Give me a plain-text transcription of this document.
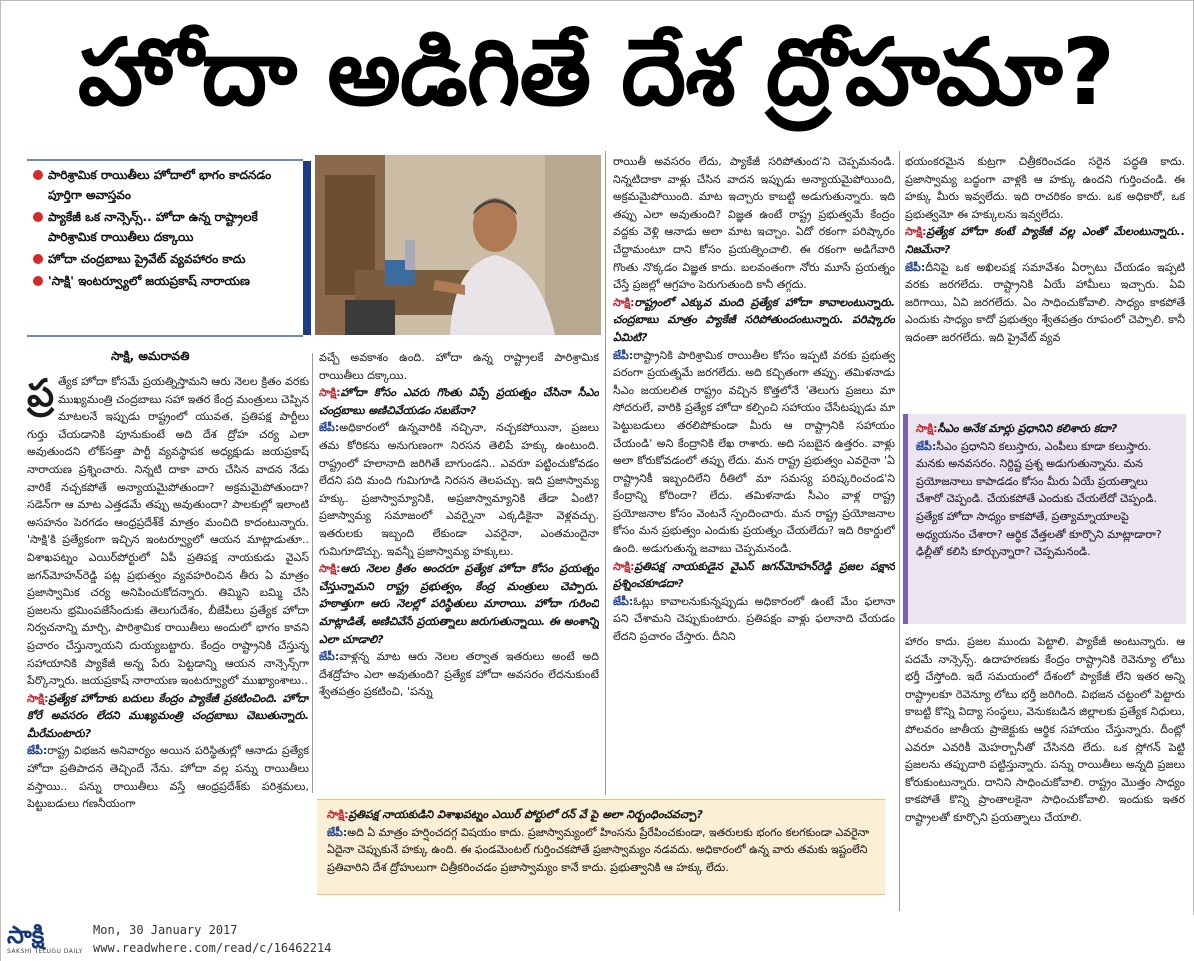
హోదా అడిగితే దేశ ద్రోహమా?
పారిశ్రామిక రాయితీలు హోదాలో భాగం కాదనడం పూర్తిగా అవాస్తవం
ప్యాకేజీ ఒక నాన్సెన్స్‌.. హోదా ఉన్న రాష్ట్రాలకే పారిశ్రామిక రాయితీలు దక్కాయి
హోదా చంద్రబాబు ప్రైవేట్‌ వ్యవహారం కాదు
'సాక్షి' ఇంటర్వ్యూలో జయప్రకాష్‌ నారాయణ
సాక్షి, అమరావతి

ప్ర త్యేక హోదా కోసమే ప్రయత్నిస్తామని ఆరు నెలల క్రితం వరకు ముఖ్యమంత్రి చంద్రబాబు సహా ఇతర కేంద్ర మంత్రులు చెప్పిన మాటలనే ఇప్పుడు రాష్ట్రంలో యువత, ప్రతిపక్ష పార్టీలు గుర్తు చేయడానికి పూనుకుంటే అది దేశ ద్రోహ చర్య ఎలా అవుతుందని లోక్‌సత్తా పార్టీ వ్యవస్థాపక అధ్యక్షుడు జయప్రకాష్‌ నారాయణ ప్రశ్నించారు. నిన్నటి దాకా వారు చేసిన వాదన నేడు వారికే నచ్చకపోతే అన్యాయమైపోతుందా? అక్రమమైపోతుందా? సడెన్‌గా ఆ మాట ఎత్తడమే తప్పు అవుతుందా? పాలకుల్లో ఇలాంటి అసహనం పెరగడం ఆంధ్రప్రదేశ్‌కే మాత్రం మంచిది కాదంటున్నారు. 'సాక్షి'కి ప్రత్యేకంగా ఇచ్చిన ఇంటర్వ్యూలో ఆయన మాట్లాడుతూ.. విశాఖపట్నం ఎయిర్‌పోర్టులో ఏపీ ప్రతిపక్ష నాయకుడు వైఎస్‌ జగన్‌మోహన్‌రెడ్డి పట్ల ప్రభుత్వం వ్యవహరించిన తీరు ఏ మాత్రం ప్రజాస్వామిక చర్య అనిపించుకోదన్నారు. తిమ్మిని బమ్మి చేసి ప్రజలను భ్రమింపజేసేందుకు తెలుగుదేశం, బీజేపీలు ప్రత్యేక హోదా నిర్వచనాన్ని మార్చి, పారిశ్రామిక రాయితీలు అందులో భాగం కావని ప్రచారం చేస్తున్నాయని దుయ్యబట్టారు. కేంద్రం రాష్ట్రానికి చేస్తున్న సహాయానికి ప్యాకేజీ అన్న పేరు పెట్టడాన్ని ఆయన నాన్సెన్స్‌గా పేర్కొన్నారు. జయప్రకాష్‌ నారాయణ ఇంటర్వ్యూలో ముఖ్యాంశాలు..

సాక్షి:ప్రత్యేక హోదాకు బదులు కేంద్రం ప్యాకేజీ ప్రకటించింది. హోదా కోరే అవసరం లేదని ముఖ్యమంత్రి చంద్రబాబు చెబుతున్నారు. మీరేమంటారు?

జేపీ:రాష్ట్ర విభజన అనివార్యం అయిన పరిస్థితుల్లో ఆనాడు ప్రత్యేక హోదా ప్రతిపాదన తెచ్చిందే నేను. హోదా వల్ల పన్ను రాయితీలు వస్తాయి.. పన్ను రాయితీలు వస్తే ఆంధ్రప్రదేశ్‌కు పరిశ్రమలు, పెట్టుబడులు గణనీయంగా

వచ్చే అవకాశం ఉంది. హోదా ఉన్న రాష్ట్రాలకే పారిశ్రామిక రాయితీలు దక్కాయి.

సాక్షి:హోదా కోసం ఎవరు గొంతు విప్పే ప్రయత్నం చేసినా సీఎం చంద్రబాబు అణిచివేయడం సబబేనా?

జేపీ:అధికారంలో ఉన్నవారికి నచ్చినా, నచ్చకపోయినా, ప్రజలు తమ కోరికను అనుగుణంగా నిరసన తెలిపే హక్కు ఉంటుంది. రాష్ట్రంలో హలానాది జరిగితే బాగుండని.. ఎవరూ పట్టించుకోవడం లేదని పది మంది గుమిగూడి నిరసన తెలపచ్చు. ఇది ప్రజాస్వామ్య హక్కు. ప్రజాస్వామ్యానికి, అప్రజాస్వామ్యానికి తేడా ఏంటి? ప్రజాస్వామ్య సమాజంలో ఎవర్నైనా ఎక్కడికైనా వెళ్లవచ్చు. ఇతరులకు ఇబ్బంది లేకుండా ఎవరైనా, ఎంతమందైనా గుమిగూడొచ్చు. ఇవన్నీ ప్రజాస్వామ్య హక్కులు.

సాక్షి:ఆరు నెలల క్రితం అందరూ ప్రత్యేక హోదా కోసం ప్రయత్నం చేస్తున్నామని రాష్ట్ర ప్రభుత్వం, కేంద్ర మంత్రులు చెప్పారు. హఠాత్తుగా ఆరు నెలల్లో పరిస్థితులు మారాయి. హోదా గురించి మాట్లాడితే, అణిచివేసే ప్రయత్నాలు జరుగుతున్నాయి. ఈ అంశాన్ని ఎలా చూడాలి?

జేపీ:వాళ్లన్న మాట ఆరు నెలల తర్వాత ఇతరులు అంటే అది దేశద్రోహం ఎలా అవుతుంది? ప్రత్యేక హోదా అవసరం లేదనుకుంటే శ్వేతపత్రం ప్రకటించి, 'పన్ను

రాయితీ అవసరం లేదు, ప్యాకేజీ సరిపోతుంద'ని చెప్పమనండి. నిన్నటిదాకా వాళ్లు చేసిన వాదన ఇప్పుడు అన్యాయమైపోయింది, అక్రమమైపోయింది. మాట ఇచ్చారు కాబట్టి అడుగుతున్నారు. ఇది తప్పు ఎలా అవుతుంది? విజ్ఞత ఉంటే రాష్ట్ర ప్రభుత్వమే కేంద్రం వద్దకు వెళ్లి ఆనాడు అలా మాట ఇచ్చాం. ఏదో రకంగా పరిష్కారం చేద్దామంటూ దాని కోసం ప్రయత్నించాలి. ఈ రకంగా అడిగేవారి గొంతు నొక్కడం విజ్ఞత కాదు. బలవంతంగా నోరు మూసే ప్రయత్నం చేస్తే ప్రజల్లో ఆగ్రహం పెరుగుతుంది కానీ తగ్గదు.

సాక్షి:రాష్ట్రంలో ఎక్కువ మంది ప్రత్యేక హోదా కావాలంటున్నారు. చంద్రబాబు మాత్రం ప్యాకేజీ సరిపోతుందంటున్నారు. పరిష్కారం ఏమిటి?

జేపీ:రాష్ట్రానికి పారిశ్రామిక రాయితీల కోసం ఇప్పటి వరకు ప్రభుత్వ పరంగా ప్రయత్నమే జరగలేదు. అది కచ్చితంగా తప్పు. తమిళనాడు సీఎం జయలలిత రాష్ట్రం వచ్చిన కొత్తలోనే 'తెలుగు ప్రజలు మా సోదరులే, వారికి ప్రత్యేక హోదా కల్పించి సహాయం చేసేటప్పుడు మా పెట్టుబడులు తరలిపోకుండా మీరు ఆ రాష్ట్రానికి సహాయం చేయండి' అని కేంద్రానికి లేఖ రాశారు. అది సబబైన ఉత్తరం. వాళ్లు అలా కోరుకోవడంలో తప్పు లేదు. మన రాష్ట్ర ప్రభుత్వం ఎవరైనా 'ఏ రాష్ట్రానికీ ఇబ్బందిలేని రీతిలో మా సమస్య పరిష్కరించండ'ని కేంద్రాన్ని కోరిందా? లేదు. తమిళనాడు సీఎం వాళ్ల రాష్ట్ర ప్రయోజనాల కోసం వెంటనే స్పందించారు. మన రాష్ట్ర ప్రయోజనాల కోసం మన ప్రభుత్వం ఎందుకు ప్రయత్నం చేయలేదు? ఇది రికార్డులో ఉంది. అడుగుతున్న జవాబు చెప్పమనండి.

సాక్షి:ప్రతిపక్ష నాయకుడైన వైఎస్‌ జగన్‌మోహన్‌రెడ్డి ప్రజల పక్షాన ప్రశ్నించకూడదా?

జేపీ:ఓట్లు కావాలనుకున్నప్పుడు అధికారంలో ఉంటే మేం ఫలానా పని చేశామని చెప్పుకుంటారు. ప్రతిపక్షం వాళ్లు ఫలానాది చేయడం లేదని ప్రచారం చేస్తారు. దీనిని

భయంకరమైన కుట్రగా చిత్రీకరించడం సరైన పద్ధతి కాదు. ప్రజాస్వామ్య బద్ధంగా వాళ్లకి ఆ హక్కు ఉందని గుర్తించండి. ఈ హక్కు మీరు ఇవ్వలేదు. ఇది రాచరికం కాదు. ఒక అధికారో, ఒక ప్రభుత్వమో ఈ హక్కులను ఇవ్వలేదు.

సాక్షి:ప్రత్యేక హోదా కంటే ప్యాకేజీ వల్ల ఎంతో మేలంటున్నారు.. నిజమేనా?

జేపీ:దీనిపై ఒక అఖిలపక్ష సమావేశం ఏర్పాటు చేయడం ఇప్పటి వరకు జరగలేదు. రాష్ట్రానికి ఏయే హామీలు ఇచ్చారు. ఏవి జరిగాయి, ఏవి జరగలేదు. ఏం సాధించుకోవాలి. సాధ్యం కాకపోతే ఎందుకు సాధ్యం కాదో ప్రభుత్వం శ్వేతపత్రం రూపంలో చెప్పాలి. కానీ ఇదంతా జరగలేదు. ఇది ప్రైవేట్‌ వ్యవ

సాక్షి:సీఎం అనేక మార్లు ప్రధానిని కలిశారు కదా?

జేపీ:సీఎం ప్రధానిని కలుస్తారు, ఎంపీలు కూడా కలుస్తారు. మనకు అనవసరం. నిర్దిష్ట ప్రశ్న అడుగుతున్నాను. మన ప్రయోజనాలు కాపాడడం కోసం మీరు ఏయే ప్రయత్నాలు చేశారో చెప్పండి. చేయకపోతే ఎందుకు చేయలేదో చెప్పండి. ప్రత్యేక హోదా సాధ్యం కాకపోతే, ప్రత్యామ్నాయాలపై అధ్యయనం చేశారా? ఆర్థిక వేత్తలతో కూర్చొని మాట్లాడారా? ఢిల్లీతో కలిసి కూర్చున్నారా? చెప్పమనండి.

హారం కాదు. ప్రజల ముందు పెట్టాలి. ప్యాకేజీ అంటున్నారు. ఆ పదమే నాన్సెన్స్‌. ఉదాహరణకు కేంద్రం రాష్ట్రానికి రెవెన్యూ లోటు భర్తీ చేస్తోంది. ఇదే సమయంలో దేశంలో ప్యాకేజీ లేని ఇతర అన్ని రాష్ట్రాలకూ రెవెన్యూ లోటు భర్తీ జరిగింది. విభజన చట్టంలో పెట్టారు కాబట్టి కొన్ని విద్యా సంస్థలు, వెనుకబడిన జిల్లాలకు ప్రత్యేక నిధులు, పోలవరం జాతీయ ప్రాజెక్టుకు ఆర్థిక సహాయం చేస్తున్నారు. దీంట్లో ఎవరూ ఎవరికీ మెహర్బానీతో చేసినది లేదు. ఒక స్లోగన్‌ పెట్టి ప్రజలను తప్పుదారి పట్టిస్తున్నారు. పన్ను రాయితీలు అన్నది ప్రజలు కోరుకుంటున్నారు. దానిని సాధించుకోవాలి. రాష్ట్రం మొత్తం సాధ్యం కాకపోతే కొన్ని ప్రాంతాలకైనా సాధించుకోవాలి. ఇందుకు ఇతర రాష్ట్రాలతో కూర్చొని ప్రయత్నాలు చేయాలి.

సాక్షి:ప్రతిపక్ష నాయకుడిని విశాఖపట్నం ఎయిర్‌ పోర్టులో రన్‌ వే పై అలా నిర్బంధించవచ్చా?

జేపీ:అది ఏ మాత్రం హర్షించదగ్గ విషయం కాదు. ప్రజాస్వామ్యంలో హింసను ప్రేరేపించకుండా, ఇతరులకు భంగం కలగకుండా ఎవరైనా ఏదైనా చెప్పుకునే హక్కు ఉంది. ఈ ఫండమెంటల్‌ గుర్తించకపోతే ప్రజాస్వామ్యం నడవదు. అధికారంలో ఉన్న వారు తమకు ఇష్టంలేని ప్రతివారిని దేశ ద్రోహులుగా చిత్రీకరించడం ప్రజాస్వామ్యం కానే కాదు. ప్రభుత్వానికి ఆ హక్కు లేదు.

సాక్షి
SAKSHI TELUGU DAILY
Mon, 30 January 2017
www.readwhere.com/read/c/16462214
